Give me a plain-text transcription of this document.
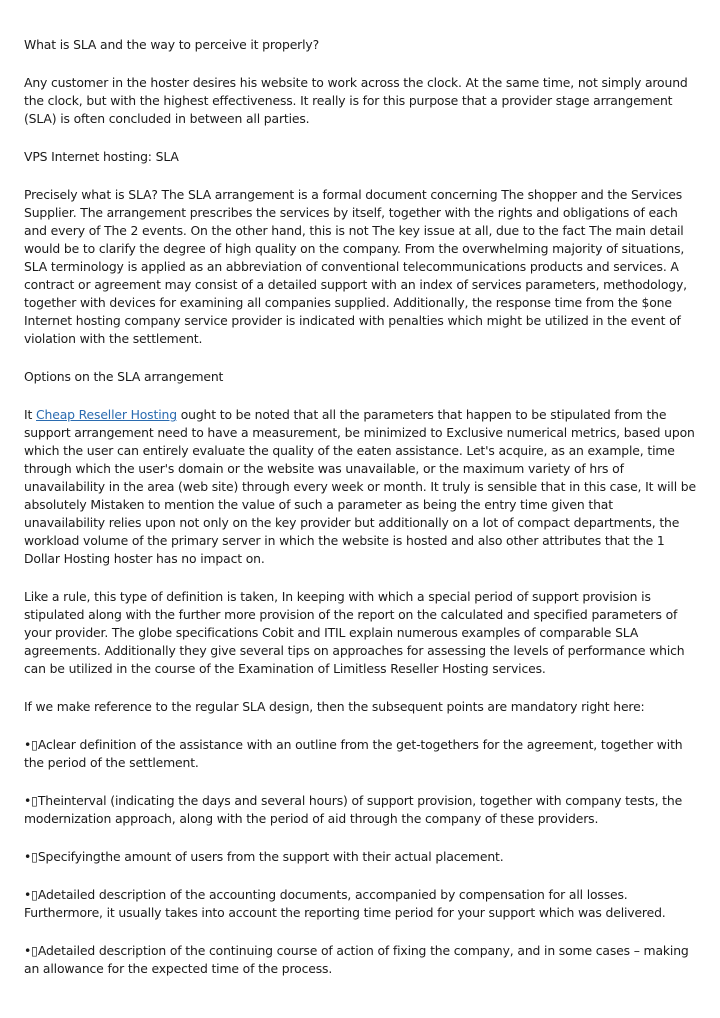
What is SLA and the way to perceive it properly?

Any customer in the hoster desires his website to work across the clock. At the same time, not simply around the clock, but with the highest effectiveness. It really is for this purpose that a provider stage arrangement (SLA) is often concluded in between all parties.

VPS Internet hosting: SLA

Precisely what is SLA? The SLA arrangement is a formal document concerning The shopper and the Services Supplier. The arrangement prescribes the services by itself, together with the rights and obligations of each and every of The 2 events. On the other hand, this is not The key issue at all, due to the fact The main detail would be to clarify the degree of high quality on the company. From the overwhelming majority of situations, SLA terminology is applied as an abbreviation of conventional telecommunications products and services. A contract or agreement may consist of a detailed support with an index of services parameters, methodology, together with devices for examining all companies supplied. Additionally, the response time from the $one Internet hosting company service provider is indicated with penalties which might be utilized in the event of violation with the settlement.

Options on the SLA arrangement

It Cheap Reseller Hosting ought to be noted that all the parameters that happen to be stipulated from the support arrangement need to have a measurement, be minimized to Exclusive numerical metrics, based upon which the user can entirely evaluate the quality of the eaten assistance. Let's acquire, as an example, time through which the user's domain or the website was unavailable, or the maximum variety of hrs of unavailability in the area (web site) through every week or month. It truly is sensible that in this case, It will be absolutely Mistaken to mention the value of such a parameter as being the entry time given that unavailability relies upon not only on the key provider but additionally on a lot of compact departments, the workload volume of the primary server in which the website is hosted and also other attributes that the 1 Dollar Hosting hoster has no impact on.

Like a rule, this type of definition is taken, In keeping with which a special period of support provision is stipulated along with the further more provision of the report on the calculated and specified parameters of your provider. The globe specifications Cobit and ITIL explain numerous examples of comparable SLA agreements. Additionally they give several tips on approaches for assessing the levels of performance which can be utilized in the course of the Examination of Limitless Reseller Hosting services.

If we make reference to the regular SLA design, then the subsequent points are mandatory right here:

•▯Aclear definition of the assistance with an outline from the get-togethers for the agreement, together with the period of the settlement.

•▯Theinterval (indicating the days and several hours) of support provision, together with company tests, the modernization approach, along with the period of aid through the company of these providers.

•▯Specifyingthe amount of users from the support with their actual placement.

•▯Adetailed description of the accounting documents, accompanied by compensation for all losses. Furthermore, it usually takes into account the reporting time period for your support which was delivered.

•▯Adetailed description of the continuing course of action of fixing the company, and in some cases – making an allowance for the expected time of the process.
